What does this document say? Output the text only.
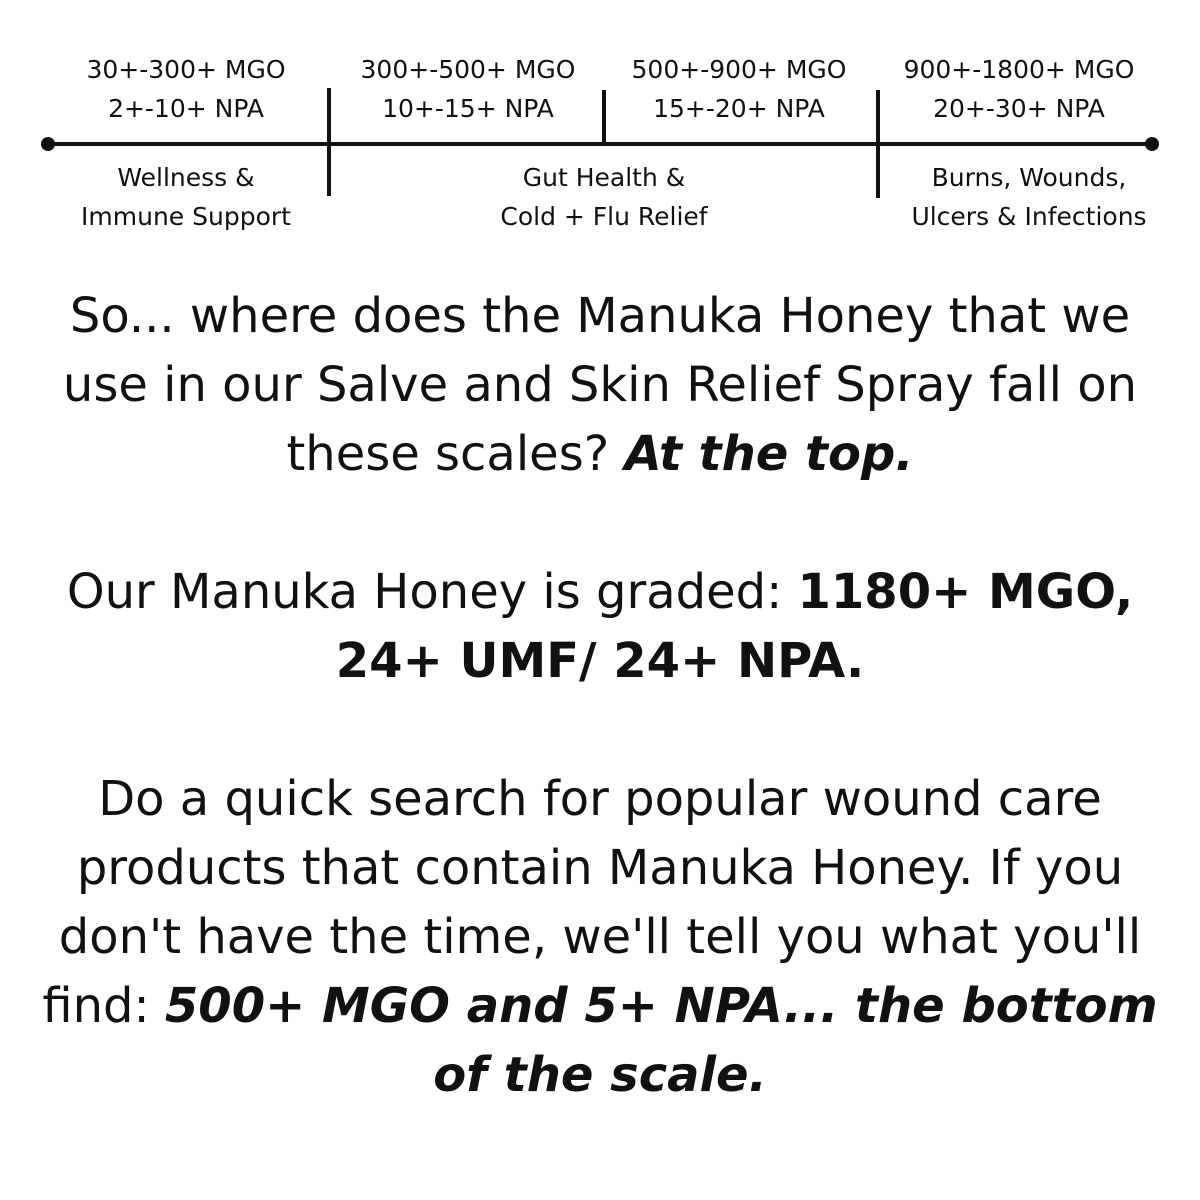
30+-300+ MGO
2+-10+ NPA
300+-500+ MGO
10+-15+ NPA
500+-900+ MGO
15+-20+ NPA
900+-1800+ MGO
20+-30+ NPA
Wellness &
Immune Support
Gut Health &
Cold + Flu Relief
Burns, Wounds,
Ulcers & Infections

So... where does the Manuka Honey that we use in our Salve and Skin Relief Spray fall on these scales? At the top.

Our Manuka Honey is graded: 1180+ MGO, 24+ UMF/ 24+ NPA.

Do a quick search for popular wound care products that contain Manuka Honey. If you don't have the time, we'll tell you what you'll find: 500+ MGO and 5+ NPA... the bottom of the scale.
